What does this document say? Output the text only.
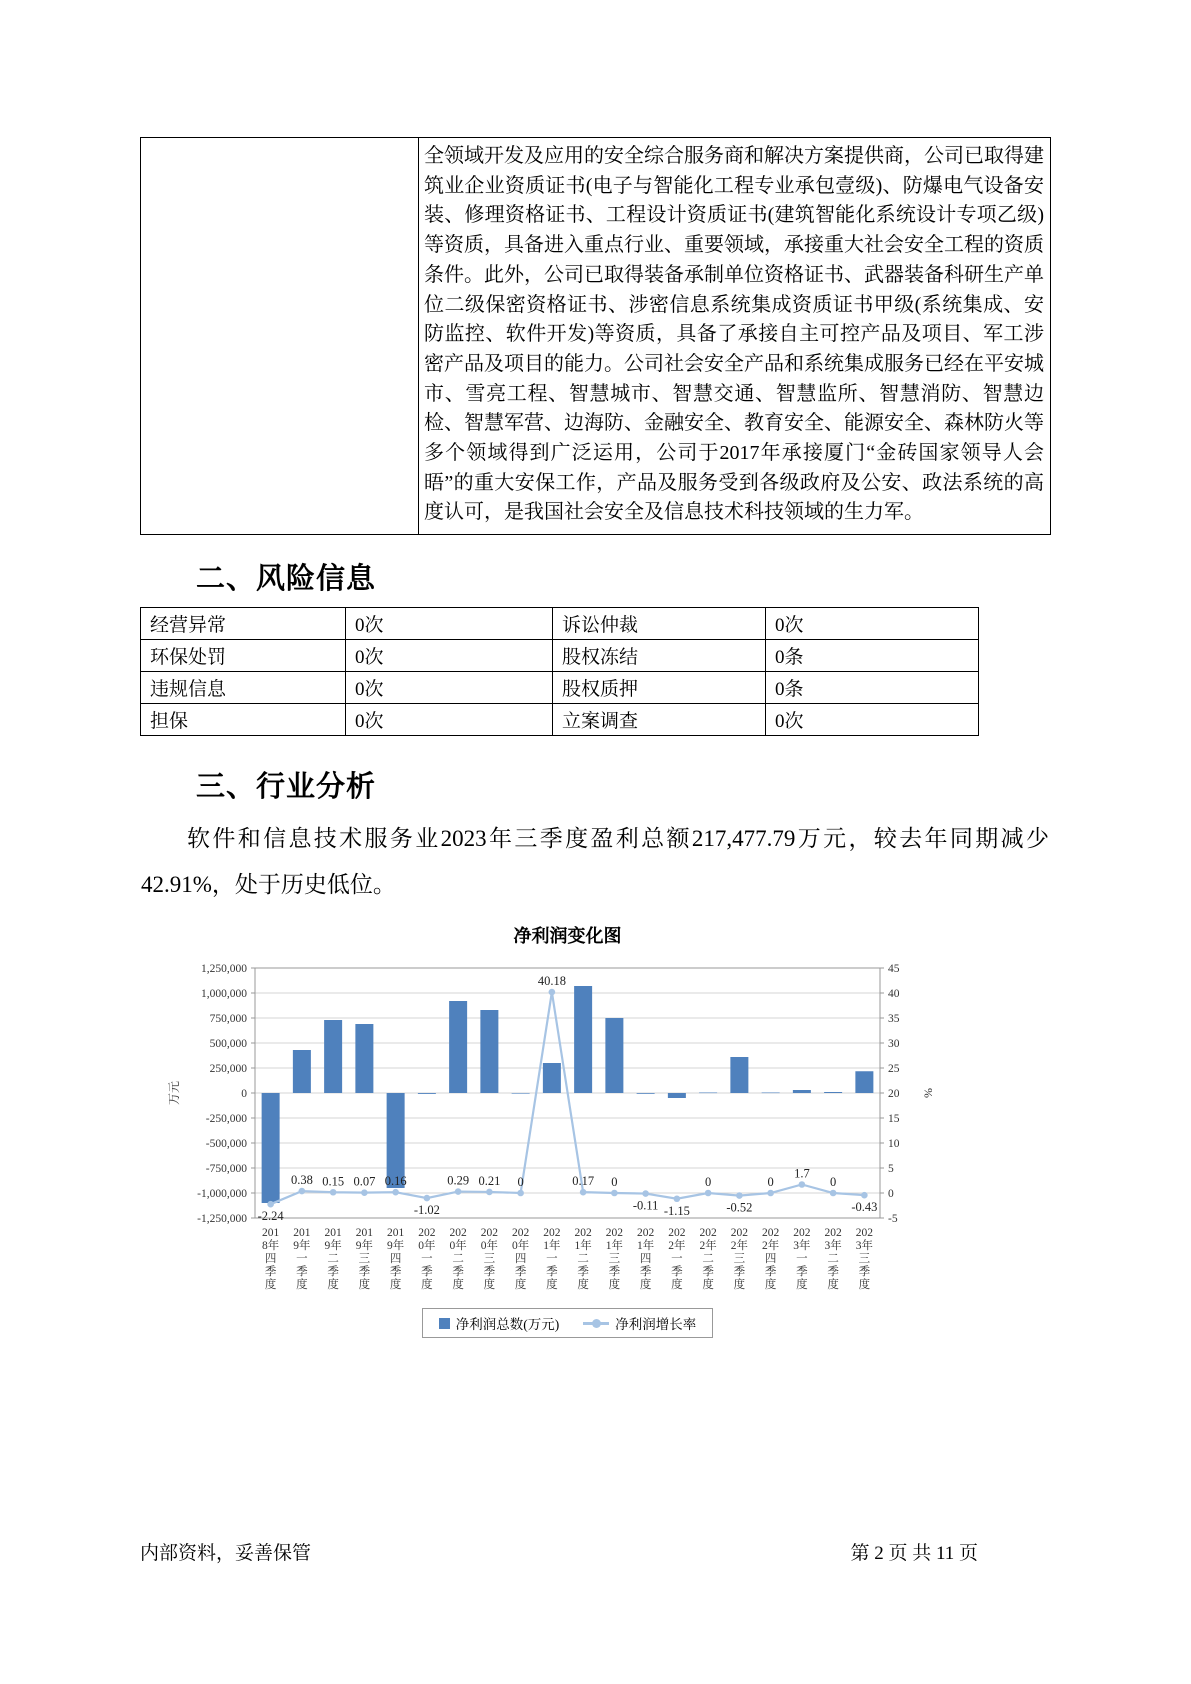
全领域开发及应用的安全综合服务商和解决方案提供商，公司已取得建筑业企业资质证书(电子与智能化工程专业承包壹级)、防爆电气设备安装、修理资格证书、工程设计资质证书(建筑智能化系统设计专项乙级)等资质，具备进入重点行业、重要领域，承接重大社会安全工程的资质条件。此外，公司已取得装备承制单位资格证书、武器装备科研生产单位二级保密资格证书、涉密信息系统集成资质证书甲级(系统集成、安防监控、软件开发)等资质，具备了承接自主可控产品及项目、军工涉密产品及项目的能力。公司社会安全产品和系统集成服务已经在平安城市、雪亮工程、智慧城市、智慧交通、智慧监所、智慧消防、智慧边检、智慧军营、边海防、金融安全、教育安全、能源安全、森林防火等多个领域得到广泛运用，公司于2017年承接厦门“金砖国家领导人会晤”的重大安保工作，产品及服务受到各级政府及公安、政法系统的高度认可，是我国社会安全及信息技术科技领域的生力军。

二、风险信息
经营异常	0次	诉讼仲裁	0次
环保处罚	0次	股权冻结	0条
违规信息	0次	股权质押	0条
担保	0次	立案调查	0次
三、行业分析

软件和信息技术服务业2023年三季度盈利总额217,477.79万元，较去年同期减少42.91%，处于历史低位。

净利润变化图
-1,250,000
-1,000,000
-750,000
-500,000
-250,000
0
250,000
500,000
750,000
1,000,000
1,250,000
-5
0
5
10
15
20
25
30
35
40
45
-2.24
0.38 0.15 0.07 0.16
-1.02
0.29 0.21 0
40.18
0.17 0
-0.11 -1.15
0
-0.52
0
1.7
0
-0.43
201 8年四季度
201 9年一季度
201 9年二季度
201 9年三季度
201 9年四季度
202 0年一季度
202 0年二季度
202 0年三季度
202 0年四季度
202 1年一季度
202 1年二季度
202 1年三季度
202 1年四季度
202 2年一季度
202 2年二季度
202 2年三季度
202 2年四季度
202 3年一季度
202 3年二季度
202 3年三季度
万元	%
净利润总数(万元)	净利润增长率
内部资料，妥善保管	第 2 页 共 11 页
